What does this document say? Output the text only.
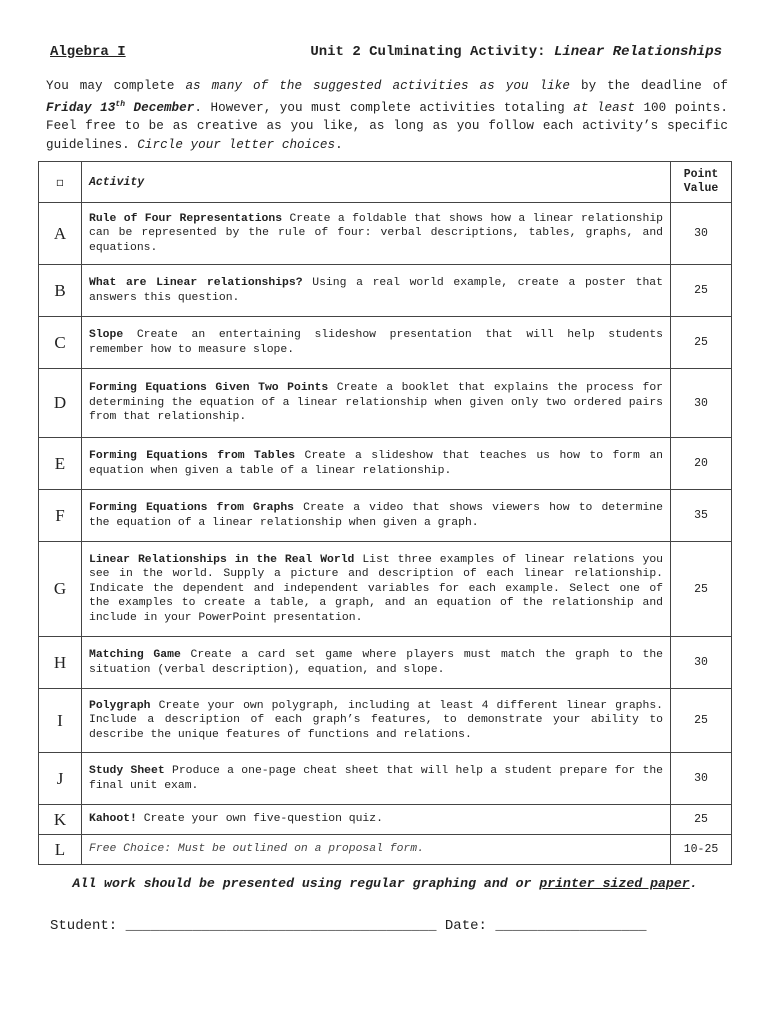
Algebra I	Unit 2 Culminating Activity: Linear Relationships
You may complete as many of the suggested activities as you like by the deadline of Friday 13th December. However, you must complete activities totaling at least 100 points. Feel free to be as creative as you like, as long as you follow each activity’s specific guidelines. Circle your letter choices.
◻	Activity	Point Value
A	Rule of Four Representations Create a foldable that shows how a linear relationship can be represented by the rule of four: verbal descriptions, tables, graphs, and equations.	30
B	What are Linear relationships? Using a real world example, create a poster that answers this question.	25
C	Slope Create an entertaining slideshow presentation that will help students remember how to measure slope.	25
D	Forming Equations Given Two Points Create a booklet that explains the process for determining the equation of a linear relationship when given only two ordered pairs from that relationship.	30
E	Forming Equations from Tables Create a slideshow that teaches us how to form an equation when given a table of a linear relationship.	20
F	Forming Equations from Graphs Create a video that shows viewers how to determine the equation of a linear relationship when given a graph.	35
G	Linear Relationships in the Real World List three examples of linear relations you see in the world. Supply a picture and description of each linear relationship. Indicate the dependent and independent variables for each example. Select one of the examples to create a table, a graph, and an equation of the relationship and include in your PowerPoint presentation.	25
H	Matching Game Create a card set game where players must match the graph to the situation (verbal description), equation, and slope.	30
I	Polygraph Create your own polygraph, including at least 4 different linear graphs. Include a description of each graph’s features, to demonstrate your ability to describe the unique features of functions and relations.	25
J	Study Sheet Produce a one-page cheat sheet that will help a student prepare for the final unit exam.	30
K	Kahoot! Create your own five-question quiz.	25
L	Free Choice: Must be outlined on a proposal form.	10-25
All work should be presented using regular graphing and or printer sized paper.
Student: _____________________________________ Date: __________________
